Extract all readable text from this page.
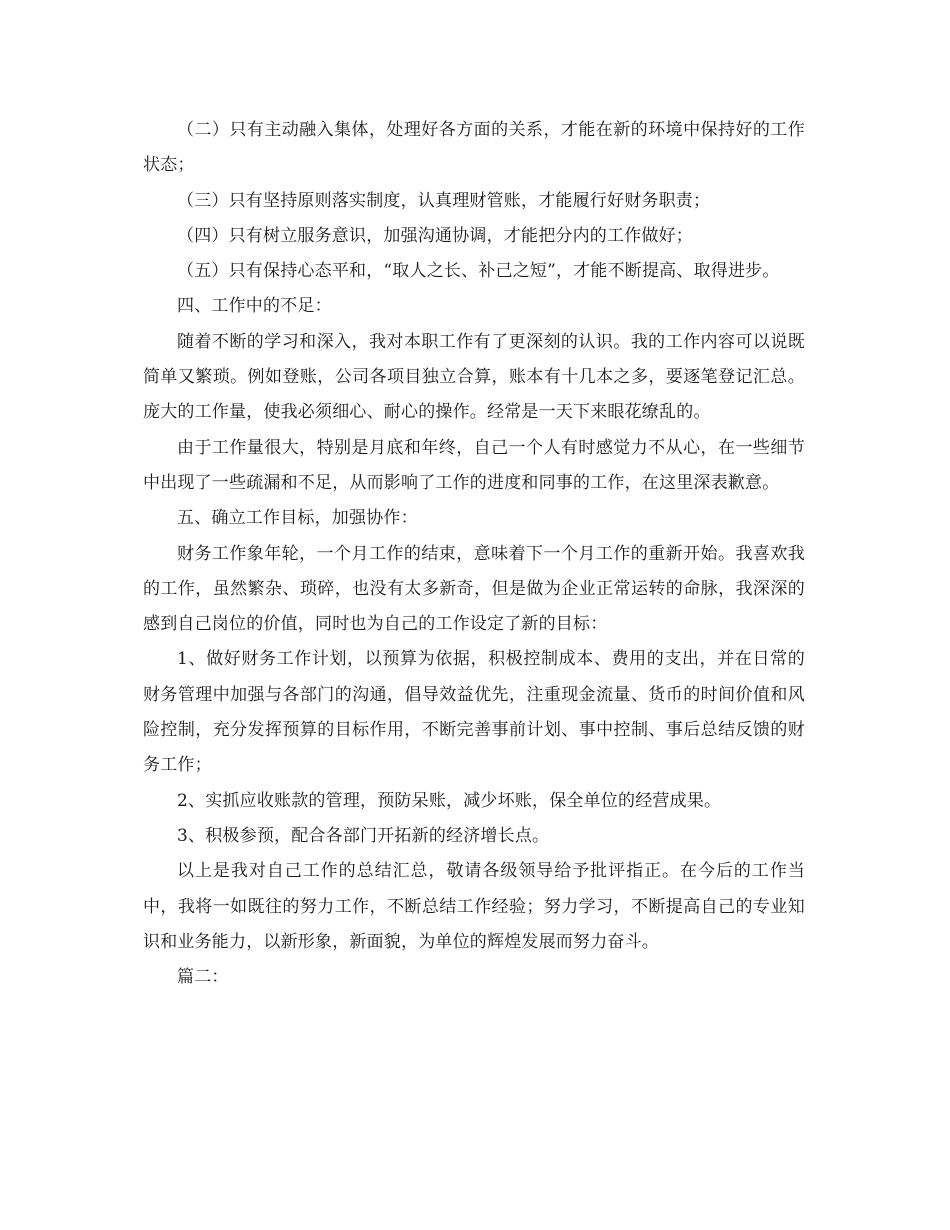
（二）只有主动融入集体，处理好各方面的关系，才能在新的环境中保持好的工作状态；

（三）只有坚持原则落实制度，认真理财管账，才能履行好财务职责；

（四）只有树立服务意识，加强沟通协调，才能把分内的工作做好；

（五）只有保持心态平和，“取人之长、补己之短”，才能不断提高、取得进步。

四、工作中的不足：

随着不断的学习和深入，我对本职工作有了更深刻的认识。我的工作内容可以说既简单又繁琐。例如登账，公司各项目独立合算，账本有十几本之多，要逐笔登记汇总。庞大的工作量，使我必须细心、耐心的操作。经常是一天下来眼花缭乱的。

由于工作量很大，特别是月底和年终，自己一个人有时感觉力不从心，在一些细节中出现了一些疏漏和不足，从而影响了工作的进度和同事的工作，在这里深表歉意。

五、确立工作目标，加强协作：

财务工作象年轮，一个月工作的结束，意味着下一个月工作的重新开始。我喜欢我的工作，虽然繁杂、琐碎，也没有太多新奇，但是做为企业正常运转的命脉，我深深的感到自己岗位的价值，同时也为自己的工作设定了新的目标：

1、做好财务工作计划，以预算为依据，积极控制成本、费用的支出，并在日常的财务管理中加强与各部门的沟通，倡导效益优先，注重现金流量、货币的时间价值和风险控制，充分发挥预算的目标作用，不断完善事前计划、事中控制、事后总结反馈的财务工作；

2、实抓应收账款的管理，预防呆账，减少坏账，保全单位的经营成果。

3、积极参预，配合各部门开拓新的经济增长点。

以上是我对自己工作的总结汇总，敬请各级领导给予批评指正。在今后的工作当中，我将一如既往的努力工作，不断总结工作经验；努力学习，不断提高自己的专业知识和业务能力，以新形象，新面貌，为单位的辉煌发展而努力奋斗。

篇二：
